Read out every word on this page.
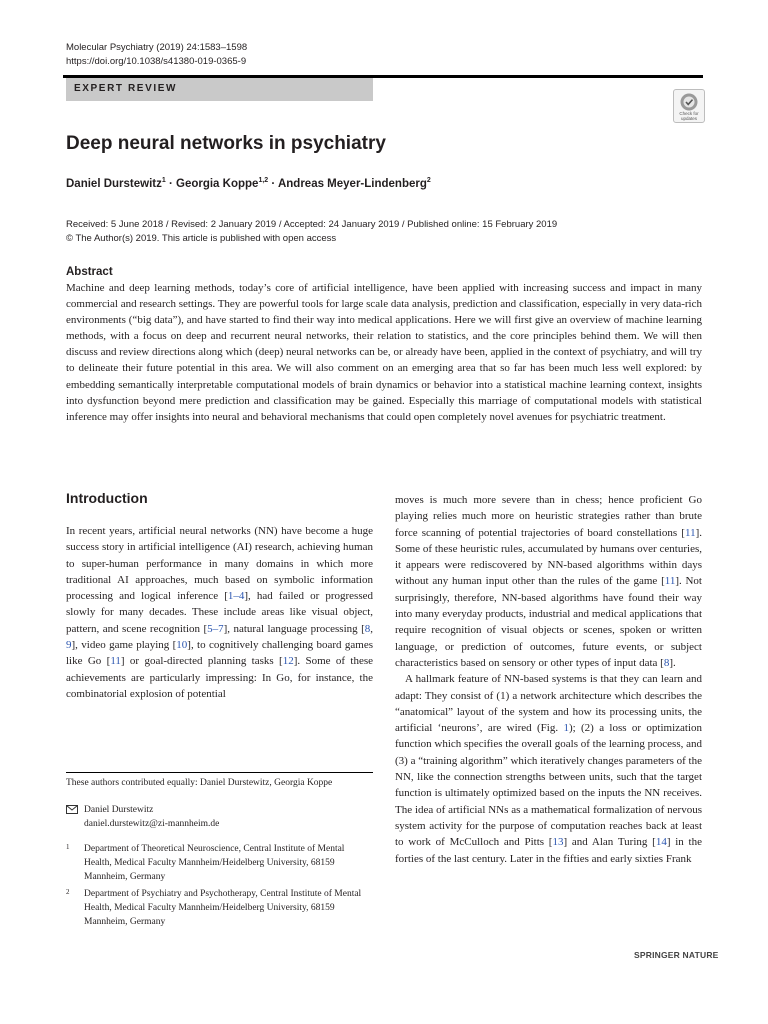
Molecular Psychiatry (2019) 24:1583–1598
https://doi.org/10.1038/s41380-019-0365-9
EXPERT REVIEW
Check for updates
Deep neural networks in psychiatry
Daniel Durstewitz$^1$ · Georgia Koppe$^{1,2}$ · Andreas Meyer-Lindenberg$^2$
Received: 5 June 2018 / Revised: 2 January 2019 / Accepted: 24 January 2019 / Published online: 15 February 2019
© The Author(s) 2019. This article is published with open access
Abstract
Machine and deep learning methods, today’s core of artificial intelligence, have been applied with increasing success and impact in many commercial and research settings. They are powerful tools for large scale data analysis, prediction and classification, especially in very data-rich environments (“big data”), and have started to find their way into medical applications. Here we will first give an overview of machine learning methods, with a focus on deep and recurrent neural networks, their relation to statistics, and the core principles behind them. We will then discuss and review directions along which (deep) neural networks can be, or already have been, applied in the context of psychiatry, and will try to delineate their future potential in this area. We will also comment on an emerging area that so far has been much less well explored: by embedding semantically interpretable computational models of brain dynamics or behavior into a statistical machine learning context, insights into dysfunction beyond mere prediction and classification may be gained. Especially this marriage of computational models with statistical inference may offer insights into neural and behavioral mechanisms that could open completely novel avenues for psychiatric treatment.
Introduction

In recent years, artificial neural networks (NN) have become a huge success story in artificial intelligence (AI) research, achieving human to super-human performance in many domains in which more traditional AI approaches, much based on symbolic information processing and logical inference [1–4], had failed or progressed slowly for many decades. These include areas like visual object, pattern, and scene recognition [5–7], natural language processing [8, 9], video game playing [10], to cognitively challenging board games like Go [11] or goal-directed planning tasks [12]. Some of these achievements are particularly impressing: In Go, for instance, the combinatorial explosion of potential

moves is much more severe than in chess; hence proficient Go playing relies much more on heuristic strategies rather than brute force scanning of potential trajectories of board constellations [11]. Some of these heuristic rules, accumulated by humans over centuries, it appears were rediscovered by NN-based algorithms within days without any human input other than the rules of the game [11]. Not surprisingly, therefore, NN-based algorithms have found their way into many everyday products, industrial and medical applications that require recognition of visual objects or scenes, spoken or written language, or prediction of outcomes, future events, or subject characteristics based on sensory or other types of input data [8].

A hallmark feature of NN-based systems is that they can learn and adapt: They consist of (1) a network architecture which describes the “anatomical” layout of the system and how its processing units, the artificial ‘neurons’, are wired (Fig. 1); (2) a loss or optimization function which specifies the overall goals of the learning process, and (3) a “training algorithm” which iteratively changes parameters of the NN, like the connection strengths between units, such that the target function is ultimately optimized based on the inputs the NN receives. The idea of artificial NNs as a mathematical formalization of nervous system activity for the purpose of computation reaches back at least to work of McCulloch and Pitts [13] and Alan Turing [14] in the forties of the last century. Later in the fifties and early sixties Frank

These authors contributed equally: Daniel Durstewitz, Georgia Koppe
Daniel Durstewitz
daniel.durstewitz@zi-mannheim.de
1 Department of Theoretical Neuroscience, Central Institute of Mental Health, Medical Faculty Mannheim/Heidelberg University, 68159 Mannheim, Germany
2 Department of Psychiatry and Psychotherapy, Central Institute of Mental Health, Medical Faculty Mannheim/Heidelberg University, 68159 Mannheim, Germany
SPRINGER NATURE
